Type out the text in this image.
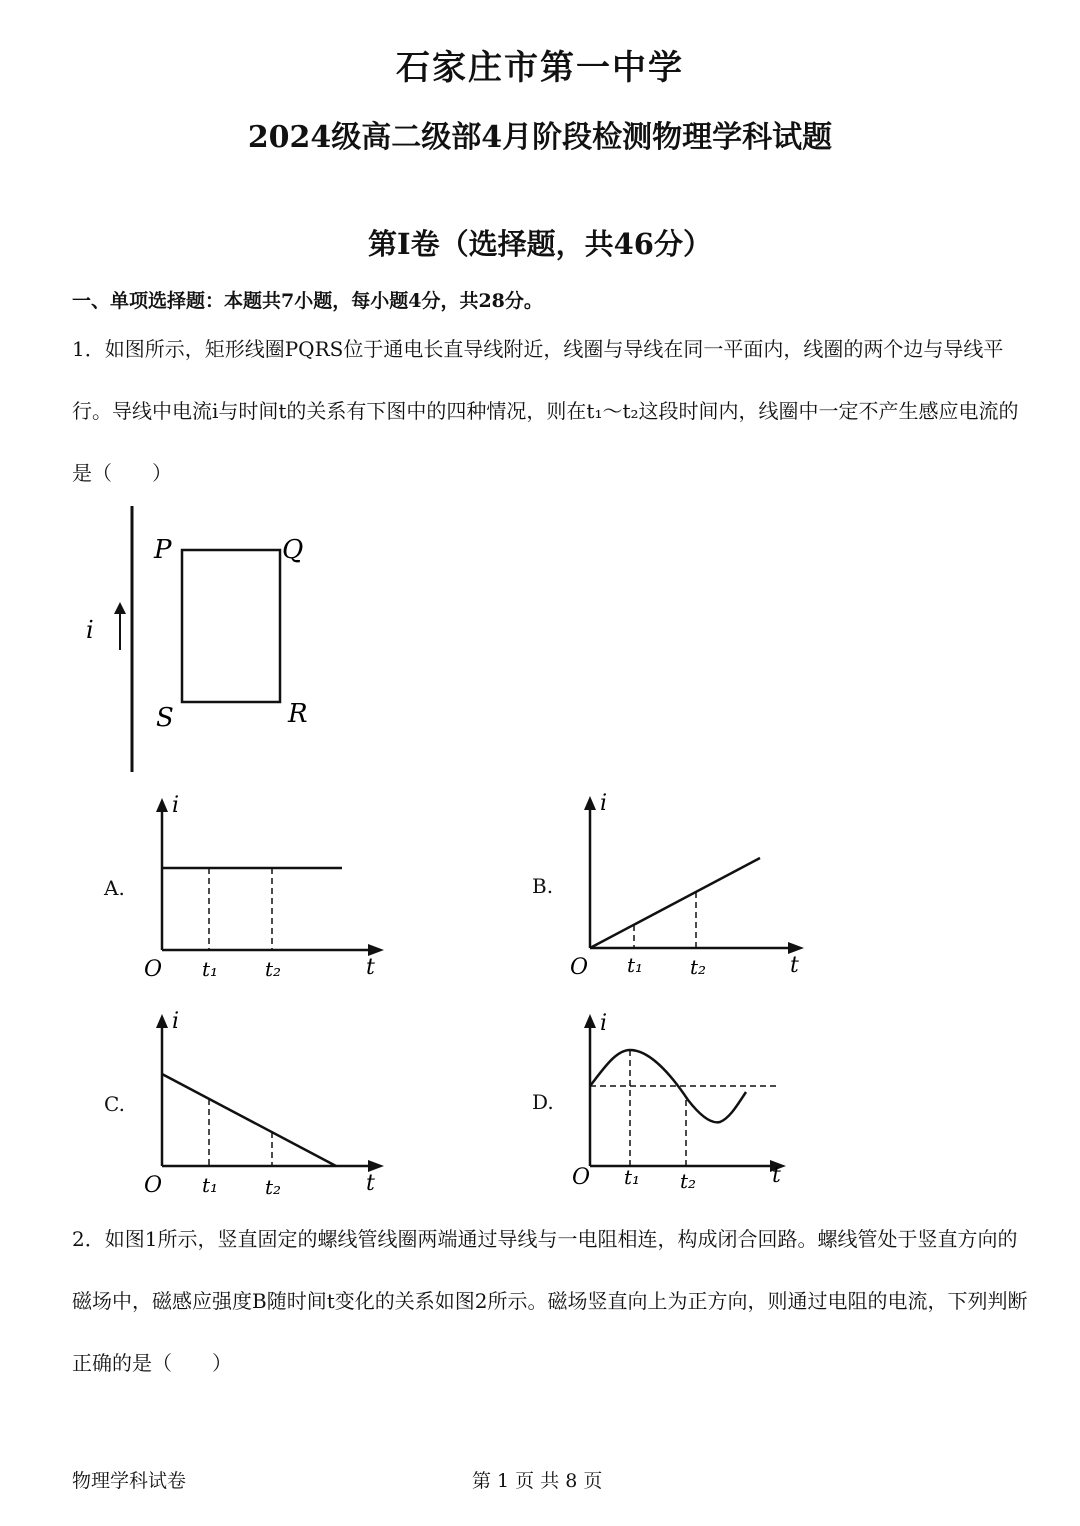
石家庄市第一中学
2024级高二级部4月阶段检测物理学科试题
第Ⅰ卷（选择题，共46分）
一、单项选择题：本题共7小题，每小题4分，共28分。
1．如图所示，矩形线圈PQRS位于通电长直导线附近，线圈与导线在同一平面内，线圈的两个边与导线平行。导线中电流i与时间t的关系有下图中的四种情况，则在t₁～t₂这段时间内，线圈中一定不产生感应电流的是（　　）
i
P	Q
R
S
A.
i
t
O t₁ t₂
B.
i
t
O t₁ t₂
C.
i
t
O t₁ t₂
D.
i
t
O t₁ t₂
2．如图1所示，竖直固定的螺线管线圈两端通过导线与一电阻相连，构成闭合回路。螺线管处于竖直方向的磁场中，磁感应强度B随时间t变化的关系如图2所示。磁场竖直向上为正方向，则通过电阻的电流，下列判断正确的是（　　）
物理学科试卷	第 1 页 共 8 页
